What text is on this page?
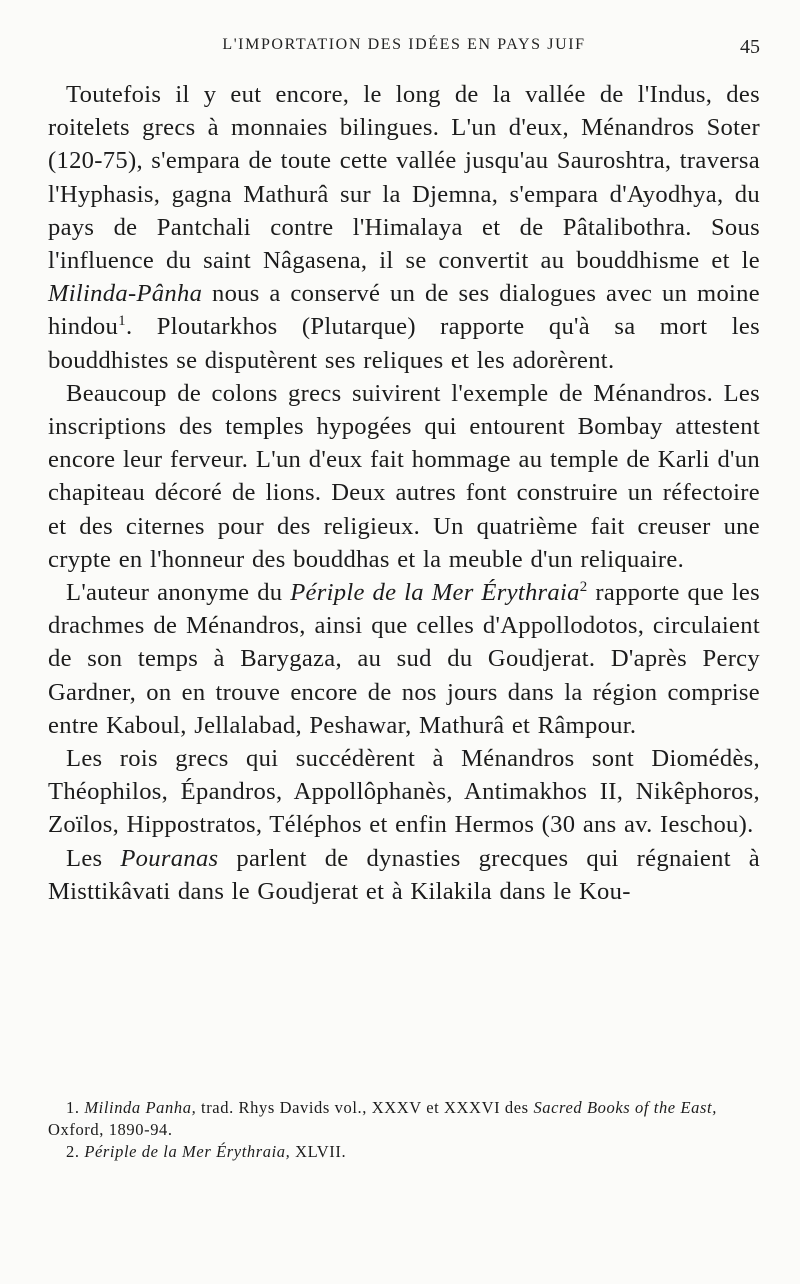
L'IMPORTATION DES IDÉES EN PAYS JUIF	45

Toutefois il y eut encore, le long de la vallée de l'Indus, des roitelets grecs à monnaies bilingues. L'un d'eux, Ménandros Soter (120-75), s'empara de toute cette vallée jusqu'au Sauroshtra, traversa l'Hyphasis, gagna Mathurâ sur la Djemna, s'empara d'Ayodhya, du pays de Pantchali contre l'Himalaya et de Pâtalibothra. Sous l'influence du saint Nâgasena, il se convertit au bouddhisme et le Milinda-Pânha nous a conservé un de ses dialogues avec un moine hindou$^1$. Ploutarkhos (Plutarque) rapporte qu'à sa mort les bouddhistes se disputèrent ses reliques et les adorèrent.

Beaucoup de colons grecs suivirent l'exemple de Ménandros. Les inscriptions des temples hypogées qui entourent Bombay attestent encore leur ferveur. L'un d'eux fait hommage au temple de Karli d'un chapiteau décoré de lions. Deux autres font construire un réfectoire et des citernes pour des religieux. Un quatrième fait creuser une crypte en l'honneur des bouddhas et la meuble d'un reliquaire.

L'auteur anonyme du Périple de la Mer Érythraia$^2$ rapporte que les drachmes de Ménandros, ainsi que celles d'Appollodotos, circulaient de son temps à Barygaza, au sud du Goudjerat. D'après Percy Gardner, on en trouve encore de nos jours dans la région comprise entre Kaboul, Jellalabad, Peshawar, Mathurâ et Râmpour.

Les rois grecs qui succédèrent à Ménandros sont Diomédès, Théophilos, Épandros, Appollôphanès, Antimakhos II, Nikêphoros, Zoïlos, Hippostratos, Téléphos et enfin Hermos (30 ans av. Ieschou).

Les Pouranas parlent de dynasties grecques qui régnaient à Misttikâvati dans le Goudjerat et à Kilakila dans le Kou-

1. Milinda Panha, trad. Rhys Davids vol., XXXV et XXXVI des Sacred Books of the East, Oxford, 1890-94.

2. Périple de la Mer Érythraia, XLVII.
